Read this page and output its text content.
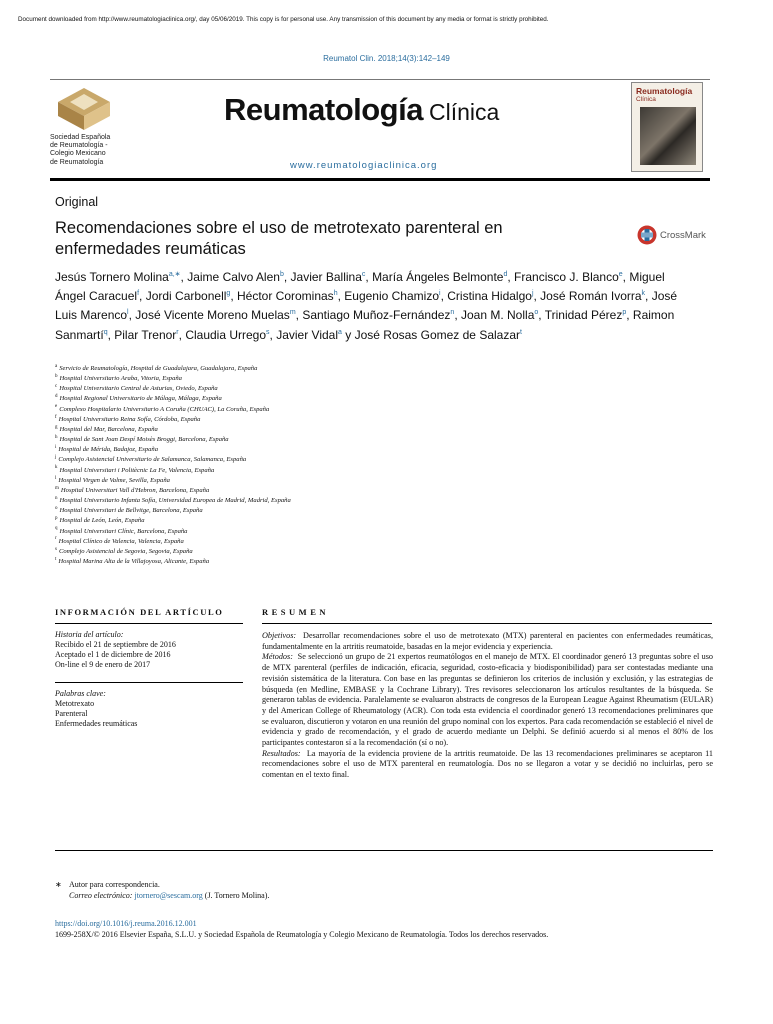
Document downloaded from http://www.reumatologiaclinica.org/, day 05/06/2019. This copy is for personal use. Any transmission of this document by any media or format is strictly prohibited.
Reumatol Clin. 2018;14(3):142–149
Sociedad Española
de Reumatología -
Colegio Mexicano
de Reumatología
Reumatología Clínica
www.reumatologiaclinica.org
Reumatología
Clínica
Original
Recomendaciones sobre el uso de metrotexato parenteral en enfermedades reumáticas
CrossMark
Jesús Tornero Molina$^{a,∗}$, Jaime Calvo Alen$^b$, Javier Ballina$^c$, María Ángeles Belmonte$^d$, Francisco J. Blanco$^e$, Miguel Ángel Caracuel$^f$, Jordi Carbonell$^g$, Héctor Corominas$^h$, Eugenio Chamizo$^i$, Cristina Hidalgo$^j$, José Román Ivorra$^k$, José Luis Marenco$^l$, José Vicente Moreno Muelas$^m$, Santiago Muñoz-Fernández$^n$, Joan M. Nolla$^o$, Trinidad Pérez$^p$, Raimon Sanmartí$^q$, Pilar Trenor$^r$, Claudia Urrego$^s$, Javier Vidal$^a$ y José Rosas Gomez de Salazar$^t$
$^a$ Servicio de Reumatología, Hospital de Guadalajara, Guadalajara, España
$^b$ Hospital Universitario Araba, Vitoria, España
$^c$ Hospital Universitario Central de Asturias, Oviedo, España
$^d$ Hospital Regional Universitario de Málaga, Málaga, España
$^e$ Complexo Hospitalario Universitario A Coruña (CHUAC), La Coruña, España
$^f$ Hospital Universitario Reina Sofía, Córdoba, España
$^g$ Hospital del Mar, Barcelona, España
$^h$ Hospital de Sant Joan Despí Moisès Broggi, Barcelona, España
$^i$ Hospital de Mérida, Badajoz, España
$^j$ Complejo Asistencial Universitario de Salamanca, Salamanca, España
$^k$ Hospital Universitari i Politècnic La Fe, Valencia, España
$^l$ Hospital Virgen de Valme, Sevilla, España
$^m$ Hospital Universitari Vall d'Hebron, Barcelona, España
$^n$ Hospital Universitario Infanta Sofía, Universidad Europea de Madrid, Madrid, España
$^o$ Hospital Universitari de Bellvitge, Barcelona, España
$^p$ Hospital de León, León, España
$^q$ Hospital Universitari Clínic, Barcelona, España
$^r$ Hospital Clínico de Valencia, Valencia, España
$^s$ Complejo Asistencial de Segovia, Segovia, España
$^t$ Hospital Marina Alta de la Villajoyosa, Alicante, España
INFORMACIÓN DEL ARTÍCULO	RESUMEN
Historia del artículo:
Recibido el 21 de septiembre de 2016
Aceptado el 1 de diciembre de 2016
On-line el 9 de enero de 2017
Palabras clave:
Metotrexato
Parenteral
Enfermedades reumáticas
Objetivos: Desarrollar recomendaciones sobre el uso de metrotexato (MTX) parenteral en pacientes con enfermedades reumáticas, fundamentalmente en la artritis reumatoide, basadas en la mejor evidencia y experiencia.
Métodos: Se seleccionó un grupo de 21 expertos reumatólogos en el manejo de MTX. El coordinador generó 13 preguntas sobre el uso de MTX parenteral (perfiles de indicación, eficacia, seguridad, costo-eficacia y biodisponibilidad) para ser contestadas mediante una revisión sistemática de la literatura. Con base en las preguntas se definieron los criterios de inclusión y exclusión, y las estrategias de búsqueda (en Medline, EMBASE y la Cochrane Library). Tres revisores seleccionaron los artículos resultantes de la búsqueda. Se generaron tablas de evidencia. Paralelamente se evaluaron abstracts de congresos de la European League Against Rheumatism (EULAR) y del American College of Rheumatology (ACR). Con toda esta evidencia el coordinador generó 13 recomendaciones preliminares que se evaluaron, discutieron y votaron en una reunión del grupo nominal con los expertos. Para cada recomendación se estableció el nivel de evidencia y grado de recomendación, y el grado de acuerdo mediante un Delphi. Se definió acuerdo si al menos el 80% de los participantes contestaron sí a la recomendación (sí o no).
Resultados: La mayoría de la evidencia proviene de la artritis reumatoide. De las 13 recomendaciones preliminares se aceptaron 11 recomendaciones sobre el uso de MTX parenteral en reumatología. Dos no se llegaron a votar y se decidió no incluirlas, pero se comentan en el texto final.
∗ Autor para correspondencia.
Correo electrónico: jtornero@sescam.org (J. Tornero Molina).
https://doi.org/10.1016/j.reuma.2016.12.001
1699-258X/© 2016 Elsevier España, S.L.U. y Sociedad Española de Reumatología y Colegio Mexicano de Reumatología. Todos los derechos reservados.
